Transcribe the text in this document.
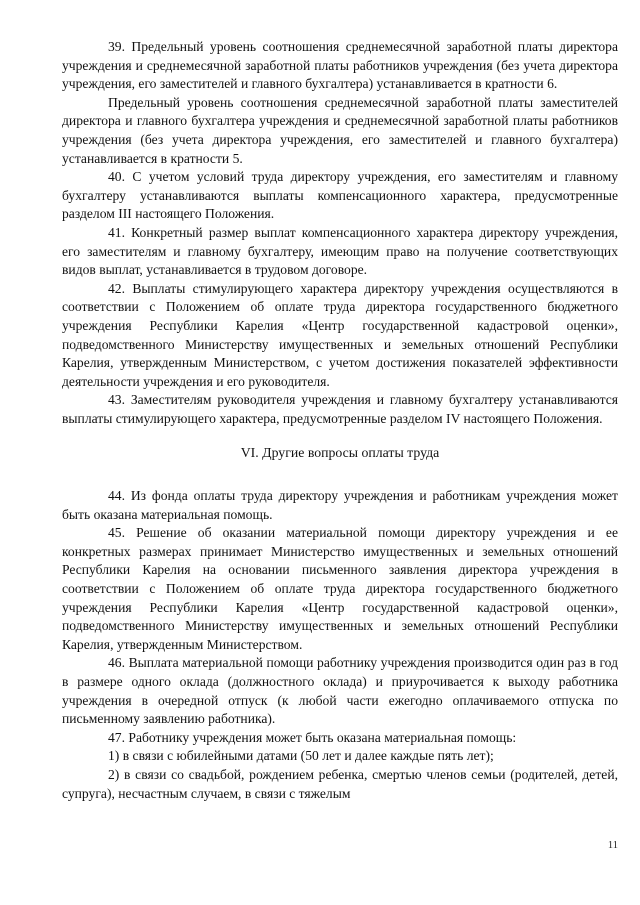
39. Предельный уровень соотношения среднемесячной заработной платы директора учреждения и среднемесячной заработной платы работников учреждения (без учета директора учреждения, его заместителей и главного бухгалтера) устанавливается в кратности 6.

Предельный уровень соотношения среднемесячной заработной платы заместителей директора и главного бухгалтера учреждения и среднемесячной заработной платы работников учреждения (без учета директора учреждения, его заместителей и главного бухгалтера) устанавливается в кратности 5.

40. С учетом условий труда директору учреждения, его заместителям и главному бухгалтеру устанавливаются выплаты компенсационного характера, предусмотренные разделом III настоящего Положения.

41. Конкретный размер выплат компенсационного характера директору учреждения, его заместителям и главному бухгалтеру, имеющим право на получение соответствующих видов выплат, устанавливается в трудовом договоре.

42. Выплаты стимулирующего характера директору учреждения осуществляются в соответствии с Положением об оплате труда директора государственного бюджетного учреждения Республики Карелия «Центр государственной кадастровой оценки», подведомственного Министерству имущественных и земельных отношений Республики Карелия, утвержденным Министерством, с учетом достижения показателей эффективности деятельности учреждения и его руководителя.

43. Заместителям руководителя учреждения и главному бухгалтеру устанавливаются выплаты стимулирующего характера, предусмотренные разделом IV настоящего Положения.

VI. Другие вопросы оплаты труда

44. Из фонда оплаты труда директору учреждения и работникам учреждения может быть оказана материальная помощь.

45. Решение об оказании материальной помощи директору учреждения и ее конкретных размерах принимает Министерство имущественных и земельных отношений Республики Карелия на основании письменного заявления директора учреждения в соответствии с Положением об оплате труда директора государственного бюджетного учреждения Республики Карелия «Центр государственной кадастровой оценки», подведомственного Министерству имущественных и земельных отношений Республики Карелия, утвержденным Министерством.

46. Выплата материальной помощи работнику учреждения производится один раз в год в размере одного оклада (должностного оклада) и приурочивается к выходу работника учреждения в очередной отпуск (к любой части ежегодно оплачиваемого отпуска по письменному заявлению работника).

47. Работнику учреждения может быть оказана материальная помощь:

1) в связи с юбилейными датами (50 лет и далее каждые пять лет);

2) в связи со свадьбой, рождением ребенка, смертью членов семьи (родителей, детей, супруга), несчастным случаем, в связи с тяжелым

11
